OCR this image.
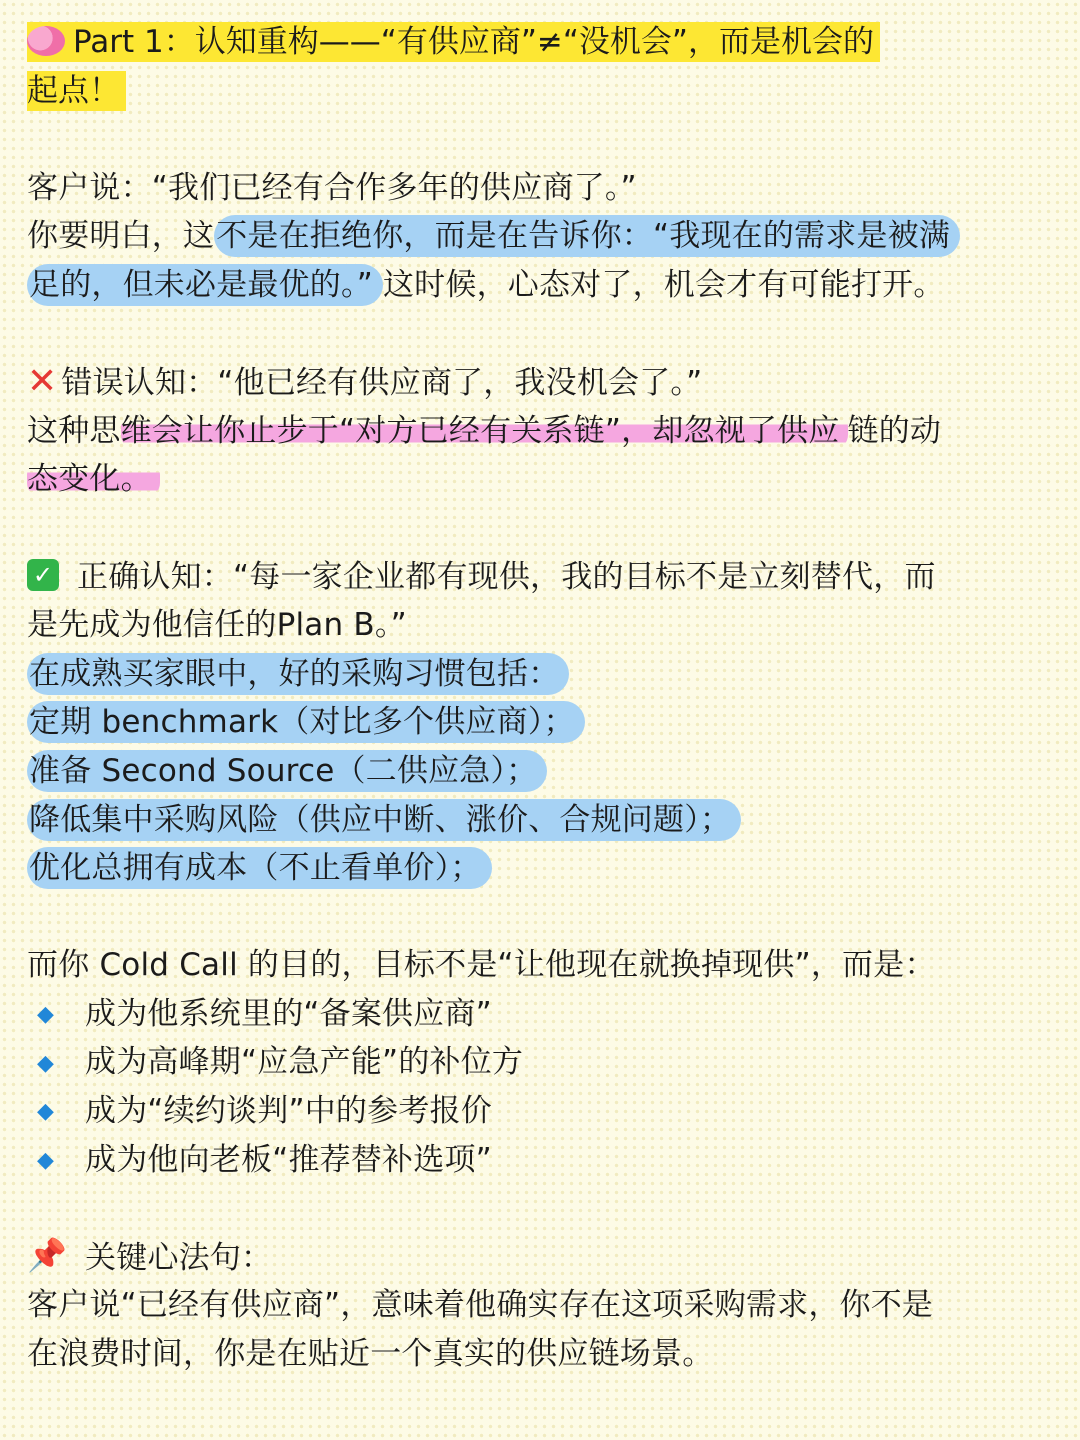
Part 1：认知重构——“有供应商”≠“没机会”，而是机会的
起点！
客户说：“我们已经有合作多年的供应商了。”
你要明白，这不是在拒绝你，而是在告诉你：“我现在的需求是被满
足的，但未必是最优的。” 这时候，心态对了，机会才有可能打开。
✕ 错误认知：“他已经有供应商了，我没机会了。”
这种思维会让你止步于“对方已经有关系链”，却忽视了供应 链的动
态变化。
✓ 正确认知：“每一家企业都有现供，我的目标不是立刻替代，而
是先成为他信任的Plan B。”
在成熟买家眼中，好的采购习惯包括：
定期 benchmark（对比多个供应商）；
准备 Second Source（二供应急）；
降低集中采购风险（供应中断、涨价、合规问题）；
优化总拥有成本（不止看单价）；
而你 Cold Call 的目的，目标不是“让他现在就换掉现供”，而是：
◆ 成为他系统里的“备案供应商”
◆ 成为高峰期“应急产能”的补位方
◆ 成为“续约谈判”中的参考报价
◆ 成为他向老板“推荐替补选项”
📌 关键心法句：
客户说“已经有供应商”，意味着他确实存在这项采购需求，你不是
在浪费时间，你是在贴近一个真实的供应链场景。
